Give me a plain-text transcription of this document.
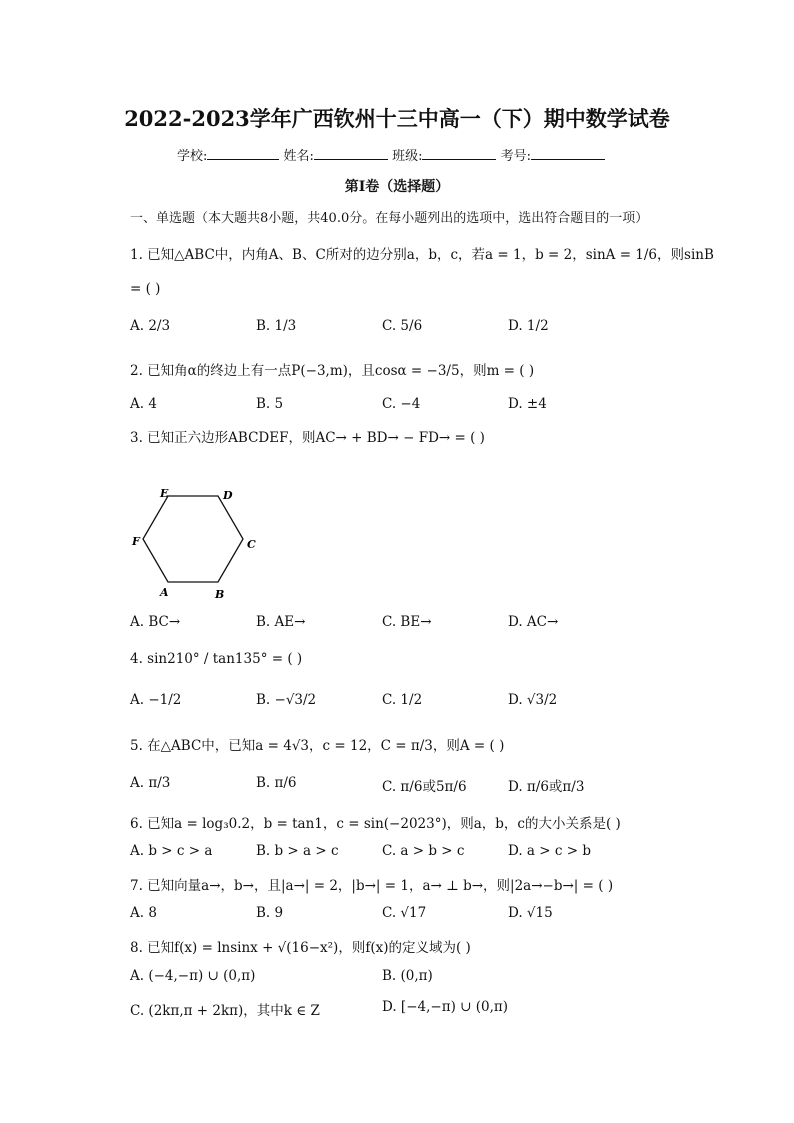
2022-2023学年广西钦州十三中高一（下）期中数学试卷
学校:	姓名:	班级:	考号:
第I卷（选择题）
一、单选题（本大题共8小题，共40.0分。在每小题列出的选项中，选出符合题目的一项）
1. 已知△ABC中，内角A、B、C所对的边分别a，b，c，若a = 1，b = 2，sinA = 1/6，则sinB
= ( )
A. 2/3	B. 1/3	C. 5/6	D. 1/2
2. 已知角α的终边上有一点P(−3,m)，且cosα = −3/5，则m = ( )
A. 4	B. 5	C. −4	D. ±4
3. 已知正六边形ABCDEF，则AC→ + BD→ − FD→ = ( )
A	B
C
D
E
F
A. BC→	B. AE→	C. BE→	D. AC→
4. sin210° / tan135° = ( )
A. −1/2	B. −√3/2	C. 1/2	D. √3/2
5. 在△ABC中，已知a = 4√3，c = 12，C = π/3，则A = ( )
A. π/3	B. π/6	C. π/6或5π/6	D. π/6或π/3
6. 已知a = log₃0.2，b = tan1，c = sin(−2023°)，则a，b，c的大小关系是( )
A. b > c > a	B. b > a > c	C. a > b > c	D. a > c > b
7. 已知向量a→，b→，且|a→| = 2，|b→| = 1，a→ ⊥ b→，则|2a→−b→| = ( )
A. 8	B. 9	C. √17	D. √15
8. 已知f(x) = lnsinx + √(16−x²)，则f(x)的定义域为( )
A. (−4,−π) ∪ (0,π)	B. (0,π)
C. (2kπ,π + 2kπ)，其中k ∈ Z	D. [−4,−π) ∪ (0,π)
